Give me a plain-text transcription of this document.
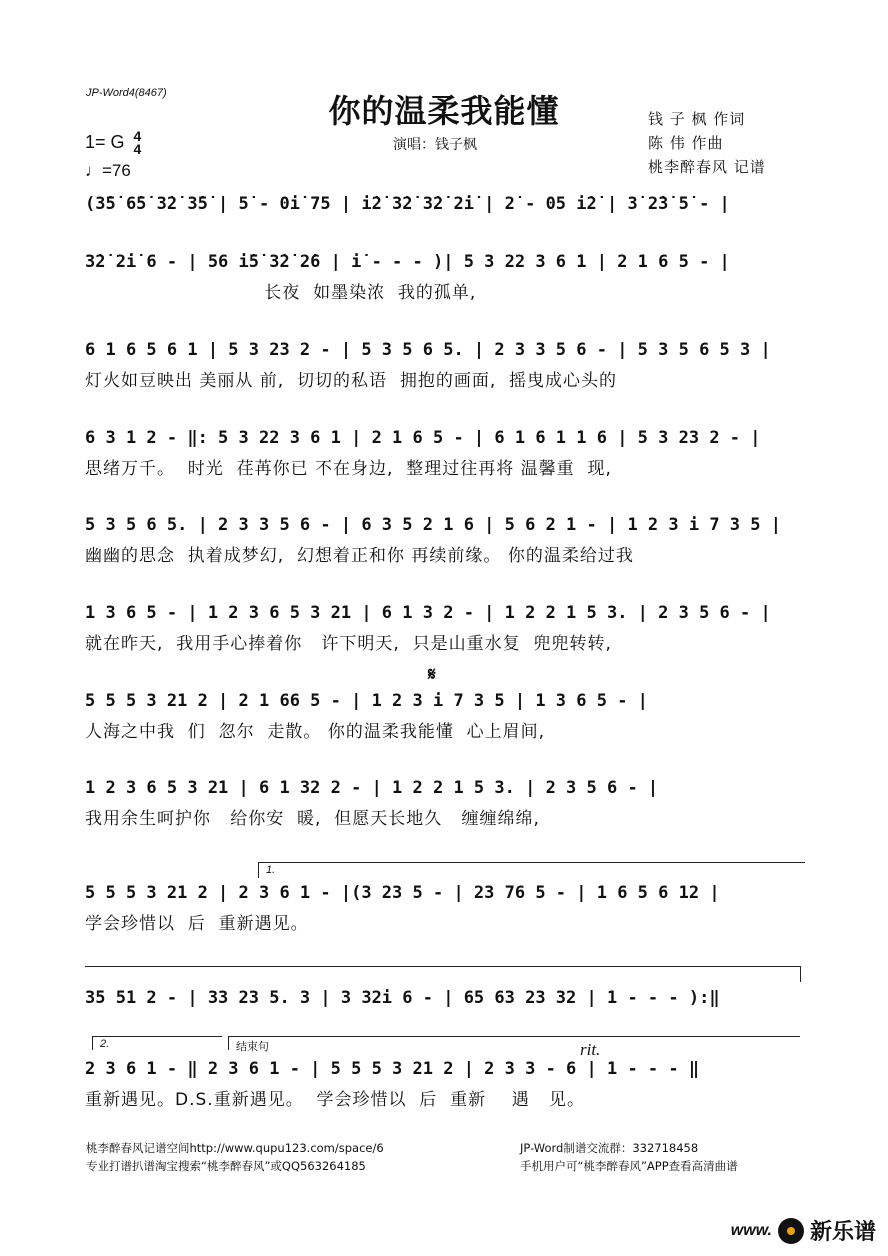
JP-Word4(8467)	你的温柔我能懂
演唱：钱子枫
钱 子 枫 作词
陈 伟 作曲
桃李醉春风 记谱
1= G 4
4
♩=76
(3̇5̇ 6̇5̇ 3̇2̇ 3̇5̇ | 5̇ - 0i̇ 75 | i̇2̇ 3̇2̇ 3̇2̇ 2̇i̇ | 2̇ - 05 i̇2̇ | 3̇ 2̇3̇ 5̇ - |
3̇2̇ 2̇i̇ 6 - | 56 i̇5̇ 3̇2̇ 2̇6 | i̇ - - - )| 5 3 22 3 6 1 | 2 1 6 5 - |
长夜  如墨染浓  我的孤单,
6 1 6 5 6 1 | 5 3 23 2 - | 5 3 5 6 5. | 2 3 3 5 6 - | 5 3 5 6 5 3 |
灯火如豆映出 美丽从 前,  切切的私语  拥抱的画面,  摇曳成心头的
6 3 1 2 - ‖: 5 3 22 3 6 1 | 2 1 6 5 - | 6 1 6 1 1 6 | 5 3 23 2 - |
思绪万千。  时光  荏苒你已 不在身边,  整理过往再将 温馨重  现,
5 3 5 6 5. | 2 3 3 5 6 - | 6 3 5 2 1 6 | 5 6 2 1 - | 1 2 3 i 7 3 5 |
幽幽的思念  执着成梦幻,  幻想着正和你 再续前缘。 你的温柔给过我
1 3 6 5 - | 1 2 3 6 5 3 21 | 6 1 3 2 - | 1 2 2 1 5 3. | 2 3 5 6 - |
就在昨天,  我用手心捧着你   许下明天,  只是山重水复  兜兜转转,
𝄋
5 5 5 3 21 2 | 2 1 66 5 - | 1 2 3 i 7 3 5 | 1 3 6 5 - |
人海之中我  们  忽尔  走散。 你的温柔我能懂  心上眉间,
1 2 3 6 5 3 21 | 6 1 32 2 - | 1 2 2 1 5 3. | 2 3 5 6 - |
我用余生呵护你   给你安  暖,  但愿天长地久   缠缠绵绵,
1.
5 5 5 3 21 2 | 2 3 6 1 - |(3 23 5 - | 23 76 5 - | 1 6 5 6 12 |
学会珍惜以  后  重新遇见。
35 51 2 - | 33 23 5. 3 | 3 32i 6 - | 65 63 23 32 | 1 - - - ):‖
2.	结束句	rit.
2 3 6 1 - ‖ 2 3 6 1 - | 5 5 5 3 21 2 | 2 3 3 - 6 | 1 - - - ‖
重新遇见。D.S.重新遇见。  学会珍惜以  后  重新    遇   见。
桃李醉春风记谱空间http://www.qupu123.com/space/6
专业打谱扒谱淘宝搜索“桃李醉春风”或QQ563264185
JP-Word制谱交流群：332718458
手机用户可“桃李醉春风”APP查看高清曲谱
www. 新乐谱
